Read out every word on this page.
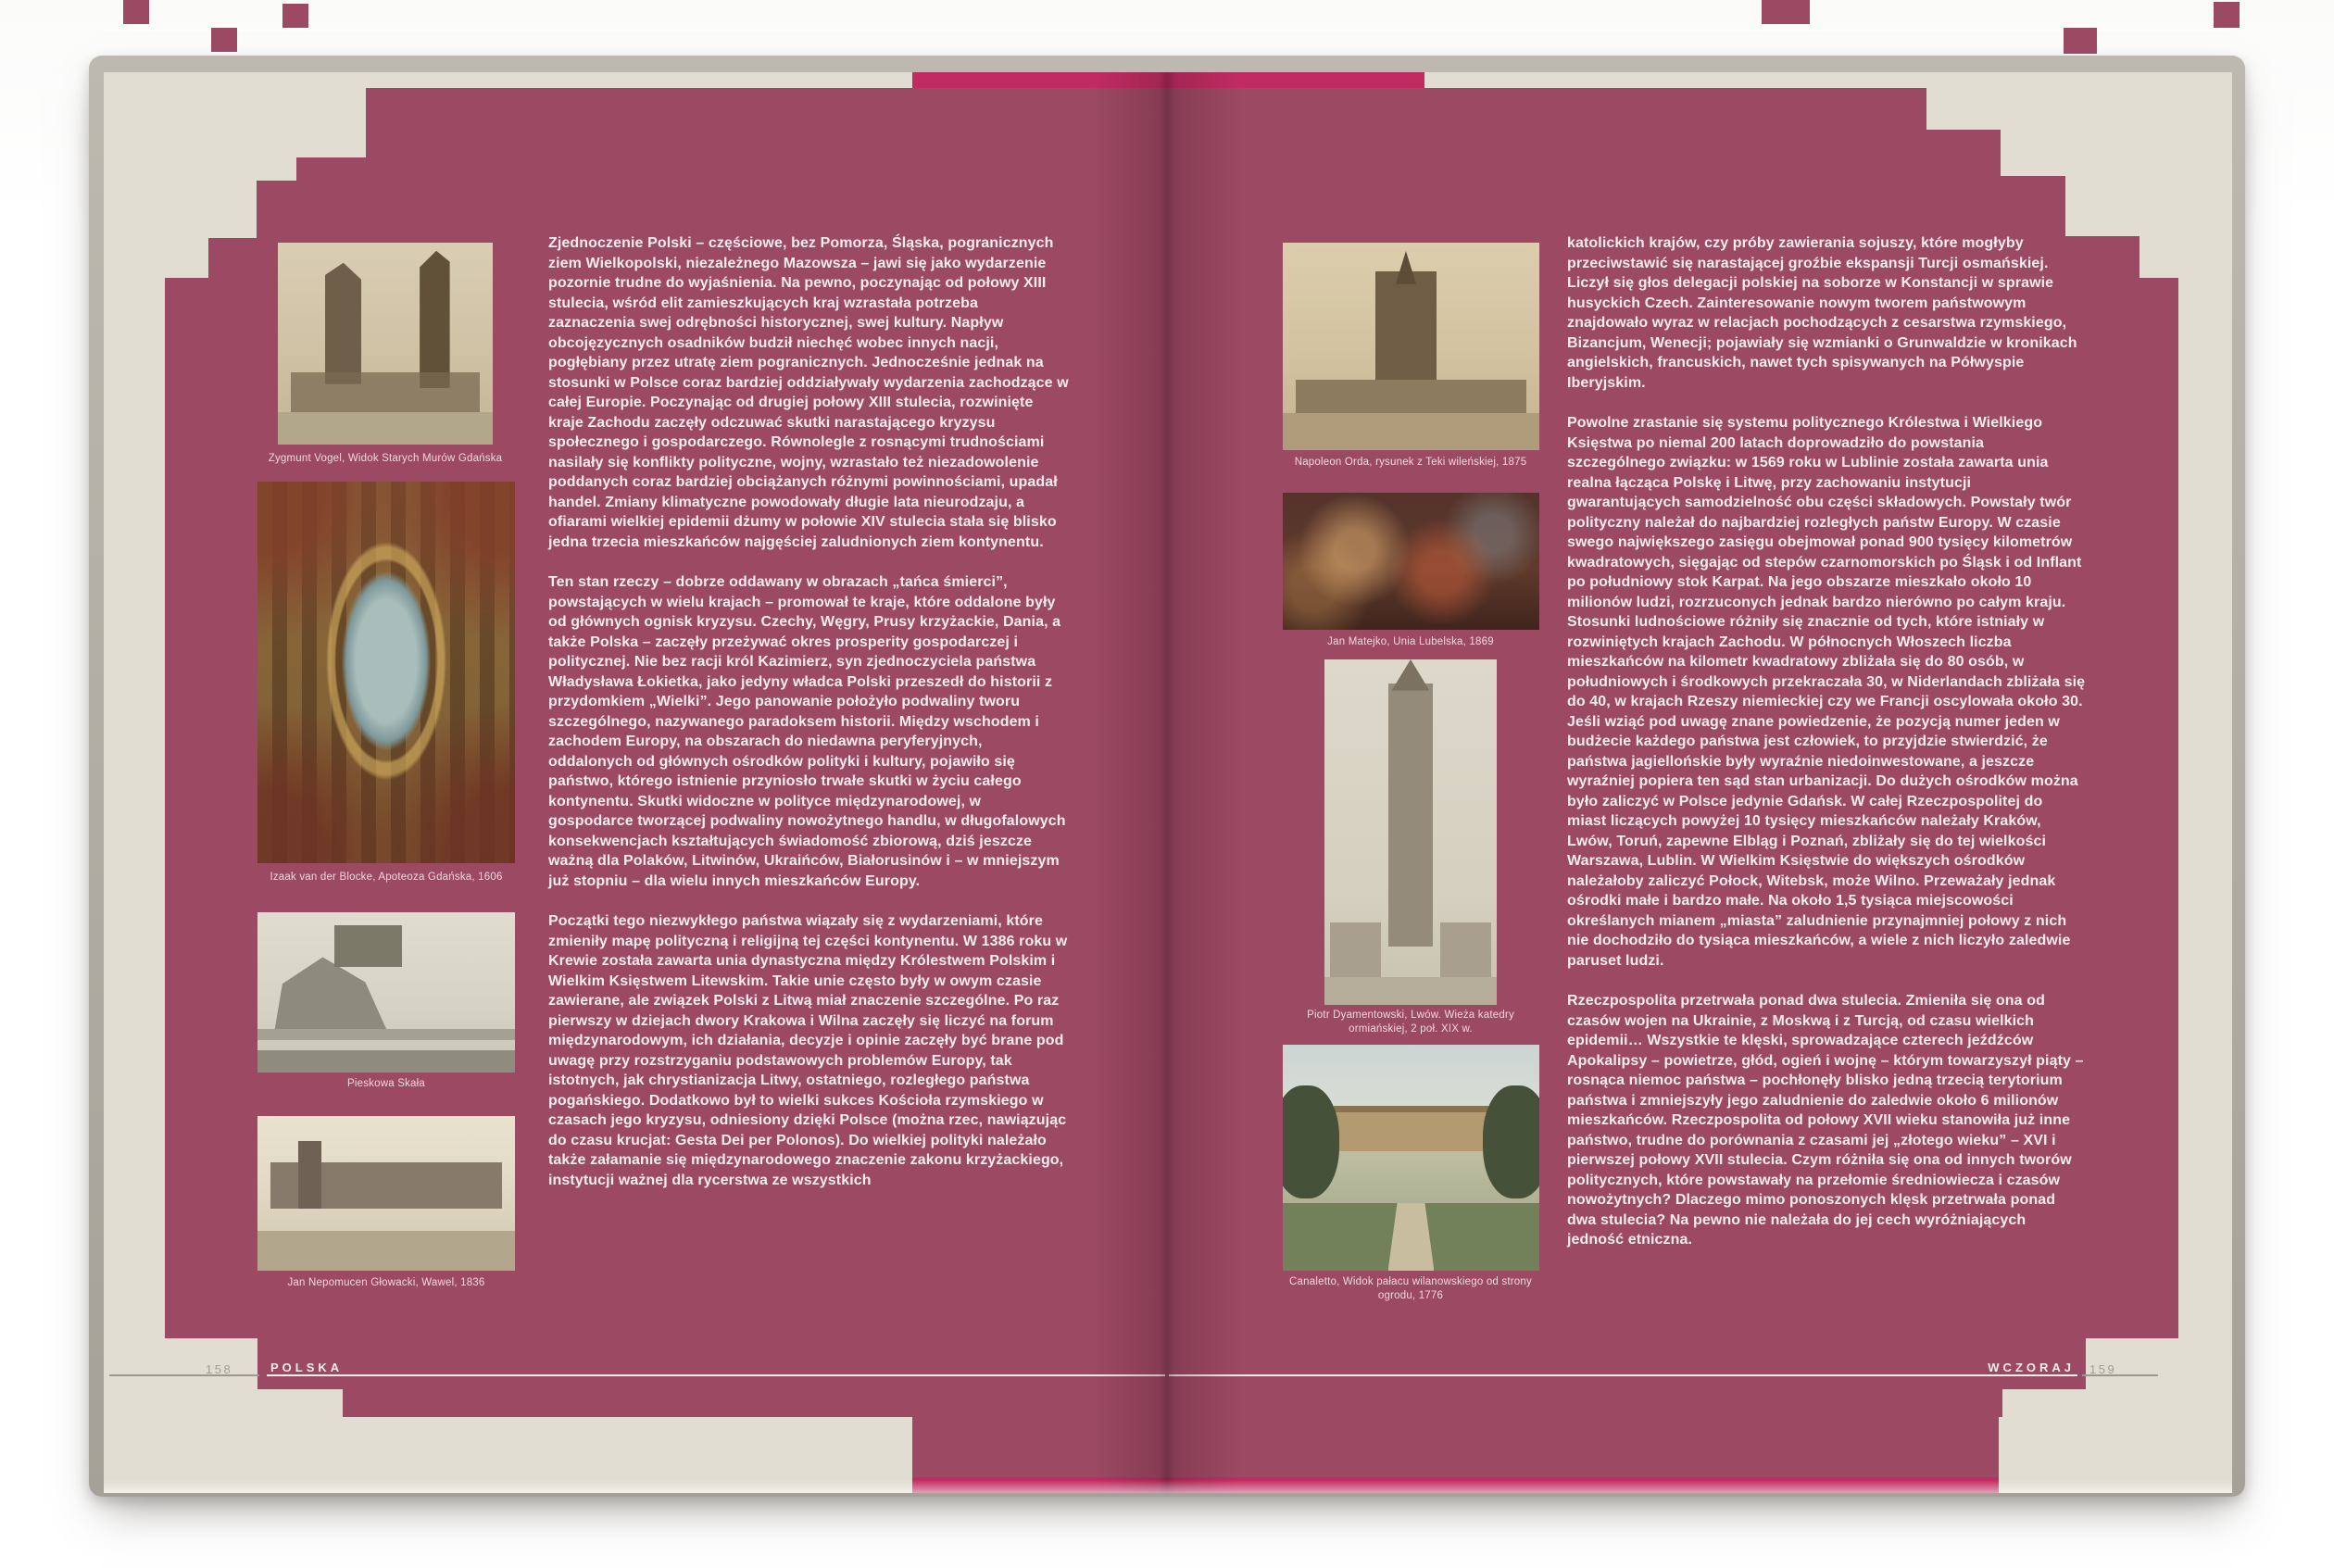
Zygmunt Vogel, Widok Starych Murów Gdańska
Izaak van der Blocke, Apoteoza Gdańska, 1606
Pieskowa Skała
Jan Nepomucen Głowacki, Wawel, 1836

Zjednoczenie Polski – częściowe, bez Pomorza, Śląska, pogranicznych ziem Wielkopolski, niezależnego Mazowsza – jawi się jako wydarzenie pozornie trudne do wyjaśnienia. Na pewno, poczynając od połowy XIII stulecia, wśród elit zamieszkujących kraj wzrastała potrzeba zaznaczenia swej odrębności historycznej, swej kultury. Napływ obcojęzycznych osadników budził niechęć wobec innych nacji, pogłębiany przez utratę ziem pogranicznych. Jednocześnie jednak na stosunki w Polsce coraz bardziej oddziaływały wydarzenia zachodzące w całej Europie. Poczynając od drugiej połowy XIII stulecia, rozwinięte kraje Zachodu zaczęły odczuwać skutki narastającego kryzysu społecznego i gospodarczego. Równolegle z rosnącymi trudnościami nasilały się konflikty polityczne, wojny, wzrastało też niezadowolenie poddanych coraz bardziej obciążanych różnymi powinnościami, upadał handel. Zmiany klimatyczne powodowały długie lata nieurodzaju, a ofiarami wielkiej epidemii dżumy w połowie XIV stulecia stała się blisko jedna trzecia mieszkańców najgęściej zaludnionych ziem kontynentu.

Ten stan rzeczy – dobrze oddawany w obrazach „tańca śmierci”, powstających w wielu krajach – promował te kraje, które oddalone były od głównych ognisk kryzysu. Czechy, Węgry, Prusy krzyżackie, Dania, a także Polska – zaczęły przeżywać okres prosperity gospodarczej i politycznej. Nie bez racji król Kazimierz, syn zjednoczyciela państwa Władysława Łokietka, jako jedyny władca Polski przeszedł do historii z przydomkiem „Wielki”. Jego panowanie położyło podwaliny tworu szczególnego, nazywanego paradoksem historii. Między wschodem i zachodem Europy, na obszarach do niedawna peryferyjnych, oddalonych od głównych ośrodków polityki i kultury, pojawiło się państwo, którego istnienie przyniosło trwałe skutki w życiu całego kontynentu. Skutki widoczne w polityce międzynarodowej, w gospodarce tworzącej podwaliny nowożytnego handlu, w długofalowych konsekwencjach kształtujących świadomość zbiorową, dziś jeszcze ważną dla Polaków, Litwinów, Ukraińców, Białorusinów i – w mniejszym już stopniu – dla wielu innych mieszkańców Europy.

Początki tego niezwykłego państwa wiązały się z wydarzeniami, które zmieniły mapę polityczną i religijną tej części kontynentu. W 1386 roku w Krewie została zawarta unia dynastyczna między Królestwem Polskim i Wielkim Księstwem Litewskim. Takie unie często były w owym czasie zawierane, ale związek Polski z Litwą miał znaczenie szczególne. Po raz pierwszy w dziejach dwory Krakowa i Wilna zaczęły się liczyć na forum międzynarodowym, ich działania, decyzje i opinie zaczęły być brane pod uwagę przy rozstrzyganiu podstawowych problemów Europy, tak istotnych, jak chrystianizacja Litwy, ostatniego, rozległego państwa pogańskiego. Dodatkowo był to wielki sukces Kościoła rzymskiego w czasach jego kryzysu, odniesiony dzięki Polsce (można rzec, nawiązując do czasu krucjat: Gesta Dei per Polonos). Do wielkiej polityki należało także załamanie się międzynarodowego znaczenie zakonu krzyżackiego, instytucji ważnej dla rycerstwa ze wszystkich

Napoleon Orda, rysunek z Teki wileńskiej, 1875
Jan Matejko, Unia Lubelska, 1869
Piotr Dyamentowski, Lwów. Wieża katedry ormiańskiej, 2 poł. XIX w.
Canaletto, Widok pałacu wilanowskiego od strony ogrodu, 1776

katolickich krajów, czy próby zawierania sojuszy, które mogłyby przeciwstawić się narastającej groźbie ekspansji Turcji osmańskiej. Liczył się głos delegacji polskiej na soborze w Konstancji w sprawie husyckich Czech. Zainteresowanie nowym tworem państwowym znajdowało wyraz w relacjach pochodzących z cesarstwa rzymskiego, Bizancjum, Wenecji; pojawiały się wzmianki o Grunwaldzie w kronikach angielskich, francuskich, nawet tych spisywanych na Półwyspie Iberyjskim.

Powolne zrastanie się systemu politycznego Królestwa i Wielkiego Księstwa po niemal 200 latach doprowadziło do powstania szczególnego związku: w 1569 roku w Lublinie została zawarta unia realna łącząca Polskę i Litwę, przy zachowaniu instytucji gwarantujących samodzielność obu części składowych. Powstały twór polityczny należał do najbardziej rozległych państw Europy. W czasie swego największego zasięgu obejmował ponad 900 tysięcy kilometrów kwadratowych, sięgając od stepów czarnomorskich po Śląsk i od Inflant po południowy stok Karpat. Na jego obszarze mieszkało około 10 milionów ludzi, rozrzuconych jednak bardzo nierówno po całym kraju. Stosunki ludnościowe różniły się znacznie od tych, które istniały w rozwiniętych krajach Zachodu. W północnych Włoszech liczba mieszkańców na kilometr kwadratowy zbliżała się do 80 osób, w południowych i środkowych przekraczała 30, w Niderlandach zbliżała się do 40, w krajach Rzeszy niemieckiej czy we Francji oscylowała około 30. Jeśli wziąć pod uwagę znane powiedzenie, że pozycją numer jeden w budżecie każdego państwa jest człowiek, to przyjdzie stwierdzić, że państwa jagiellońskie były wyraźnie niedoinwestowane, a jeszcze wyraźniej popiera ten sąd stan urbanizacji. Do dużych ośrodków można było zaliczyć w Polsce jedynie Gdańsk. W całej Rzeczpospolitej do miast liczących powyżej 10 tysięcy mieszkańców należały Kraków, Lwów, Toruń, zapewne Elbląg i Poznań, zbliżały się do tej wielkości Warszawa, Lublin. W Wielkim Księstwie do większych ośrodków należałoby zaliczyć Połock, Witebsk, może Wilno. Przeważały jednak ośrodki małe i bardzo małe. Na około 1,5 tysiąca miejscowości określanych mianem „miasta” zaludnienie przynajmniej połowy z nich nie dochodziło do tysiąca mieszkańców, a wiele z nich liczyło zaledwie paruset ludzi.

Rzeczpospolita przetrwała ponad dwa stulecia. Zmieniła się ona od czasów wojen na Ukrainie, z Moskwą i z Turcją, od czasu wielkich epidemii… Wszystkie te klęski, sprowadzające czterech jeźdźców Apokalipsy – powietrze, głód, ogień i wojnę – którym towarzyszył piąty – rosnąca niemoc państwa – pochłonęły blisko jedną trzecią terytorium państwa i zmniejszyły jego zaludnienie do zaledwie około 6 milionów mieszkańców. Rzeczpospolita od połowy XVII wieku stanowiła już inne państwo, trudne do porównania z czasami jej „złotego wieku” – XVI i pierwszej połowy XVII stulecia. Czym różniła się ona od innych tworów politycznych, które powstawały na przełomie średniowiecza i czasów nowożytnych? Dlaczego mimo ponoszonych klęsk przetrwała ponad dwa stulecia? Na pewno nie należała do jej cech wyróżniających jedność etniczna.

158	POLSKA	WCZORAJ 159
